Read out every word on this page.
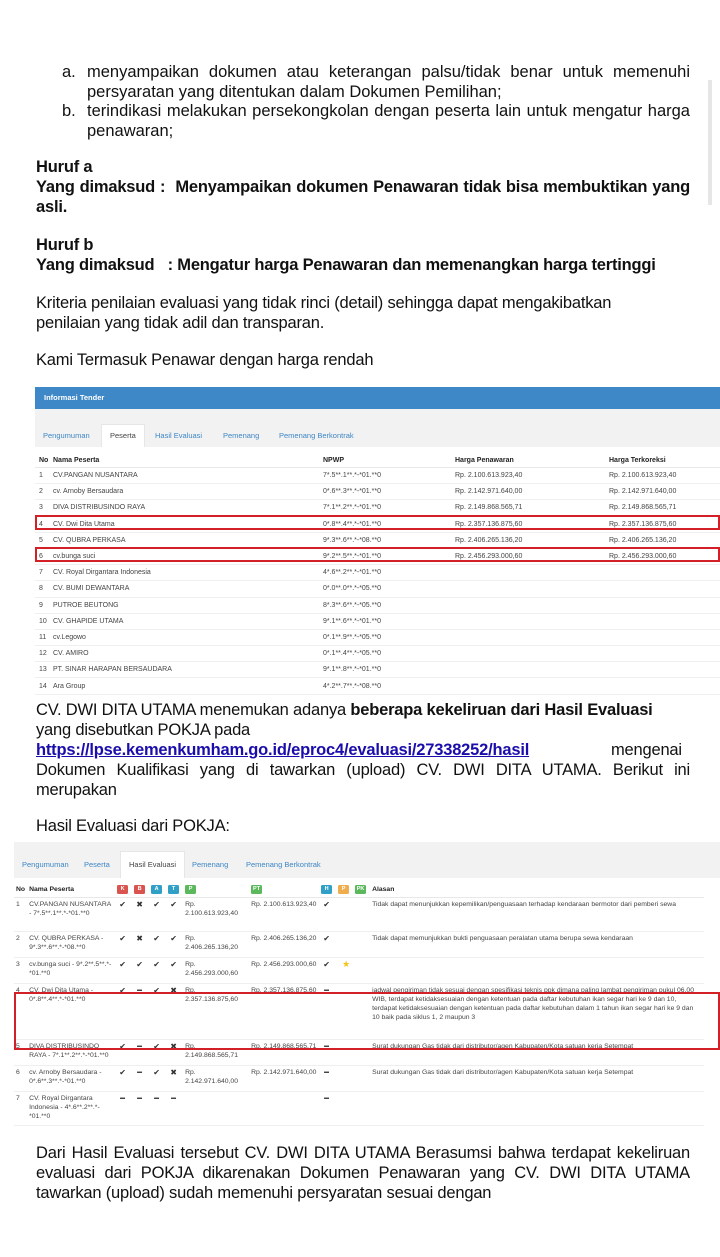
a. menyampaikan dokumen atau keterangan palsu/tidak benar untuk memenuhi persyaratan yang ditentukan dalam Dokumen Pemilihan;
b. terindikasi melakukan persekongkolan dengan peserta lain untuk mengatur harga penawaran;
Huruf a
Yang dimaksud : Menyampaikan dokumen Penawaran tidak bisa membuktikan yang asli.
Huruf b
Yang dimaksud   : Mengatur harga Penawaran dan memenangkan harga tertinggi
Kriteria penilaian evaluasi yang tidak rinci (detail) sehingga dapat mengakibatkan penilaian yang tidak adil dan transparan.
Kami Termasuk Penawar dengan harga rendah
Informasi Tender
Pengumuman	Peserta	Hasil Evaluasi	Pemenang	Pemenang Berkontrak
No	Nama Peserta	NPWP	Harga Penawaran	Harga Terkoreksi
1	CV.PANGAN NUSANTARA	7*.5**.1**.*-*01.**0	Rp. 2.100.613.923,40	Rp. 2.100.613.923,40
2	cv. Arnoby Bersaudara	0*.6**.3**.*-*01.**0	Rp. 2.142.971.640,00	Rp. 2.142.971.640,00
3	DIVA DISTRIBUSINDO RAYA	7*.1**.2**.*-*01.**0	Rp. 2.149.868.565,71	Rp. 2.149.868.565,71
4	CV. Dwi Dita Utama	0*.8**.4**.*-*01.**0	Rp. 2.357.136.875,60	Rp. 2.357.136.875,60
5	CV. QUBRA PERKASA	9*.3**.6**.*-*08.**0	Rp. 2.406.265.136,20	Rp. 2.406.265.136,20
6	cv.bunga suci	9*.2**.5**.*-*01.**0	Rp. 2.456.293.000,60	Rp. 2.456.293.000,60
7	CV. Royal Dirgantara Indonesia	4*.6**.2**.*-*01.**0		
8	CV. BUMI DEWANTARA	0*.0**.0**.*-*05.**0		
9	PUTROE BEUTONG	8*.3**.6**.*-*05.**0		
10	CV. GHAPIDE UTAMA	9*.1**.6**.*-*01.**0		
11	cv.Legowo	0*.1**.9**.*-*05.**0		
12	CV. AMIRO	0*.1**.4**.*-*05.**0		
13	PT. SINAR HARAPAN BERSAUDARA	9*.1**.8**.*-*01.**0		
14	Ara Group	4*.2**.7**.*-*08.**0		
CV. DWI DITA UTAMA menemukan adanya beberapa kekeliruan dari Hasil Evaluasi yang disebutkan POKJA pada
https://lpse.kemenkumham.go.id/eproc4/evaluasi/27338252/hasil	mengenai Dokumen Kualifikasi yang di tawarkan (upload) CV. DWI DITA UTAMA. Berikut ini merupakan
Hasil Evaluasi dari POKJA:
Pengumuman	Peserta	Hasil Evaluasi	Pemenang	Pemenang Berkontrak
No	Nama Peserta	K	B	A	T	P	PT	H	P	PK	Alasan
1	CV.PANGAN NUSANTARA - 7*.5**.1**.*-*01.**0	✔	✖	✔	✔	Rp. 2.100.613.923,40	Rp. 2.100.613.923,40	✔			Tidak dapat menunjukkan kepemilikan/penguasaan terhadap kendaraan bermotor dari pemberi sewa
2	CV. QUBRA PERKASA - 9*.3**.6**.*-*08.**0	✔	✖	✔	✔	Rp. 2.406.265.136,20	Rp. 2.406.265.136,20	✔			Tidak dapat memunjukkan bukti penguasaan peralatan utama berupa sewa kendaraan
3	cv.bunga suci - 9*.2**.5**.*-*01.**0	✔	✔	✔	✔	Rp. 2.456.293.000,60	Rp. 2.456.293.000,60	✔	★		
4	CV. Dwi Dita Utama - 0*.8**.4**.*-*01.**0	✔	━	✔	✖	Rp. 2.357.136.875,60	Rp. 2.357.136.875,60	━			jadwal pengiriman tidak sesuai dengan spesifikasi teknis ppk dimana paling lambat pengiriman pukul 06.00 WIB, terdapat ketidaksesuaian dengan ketentuan pada daftar kebutuhan ikan segar hari ke 9 dan 10, terdapat ketidaksesuaian dengan ketentuan pada daftar kebutuhan dalam 1 tahun ikan segar hari ke 9 dan 10 baik pada siklus 1, 2 maupun 3
5	DIVA DISTRIBUSINDO RAYA - 7*.1**.2**.*-*01.**0	✔	━	✔	✖	Rp. 2.149.868.565,71	Rp. 2.149.868.565,71	━			Surat dukungan Gas tidak dari distributor/agen Kabupaten/Kota satuan kerja Setempat
6	cv. Arnoby Bersaudara - 0*.6**.3**.*-*01.**0	✔	━	✔	✖	Rp. 2.142.971.640,00	Rp. 2.142.971.640,00	━			Surat dukungan Gas tidak dari distributor/agen Kabupaten/Kota satuan kerja Setempat
7	CV. Royal Dirgantara Indonesia - 4*.6**.2**.*-*01.**0	━	━	━	━			━			
Dari Hasil Evaluasi tersebut CV. DWI DITA UTAMA Berasumsi bahwa terdapat kekeliruan evaluasi dari POKJA dikarenakan Dokumen Penawaran yang CV. DWI DITA UTAMA tawarkan (upload) sudah memenuhi persyaratan sesuai dengan
